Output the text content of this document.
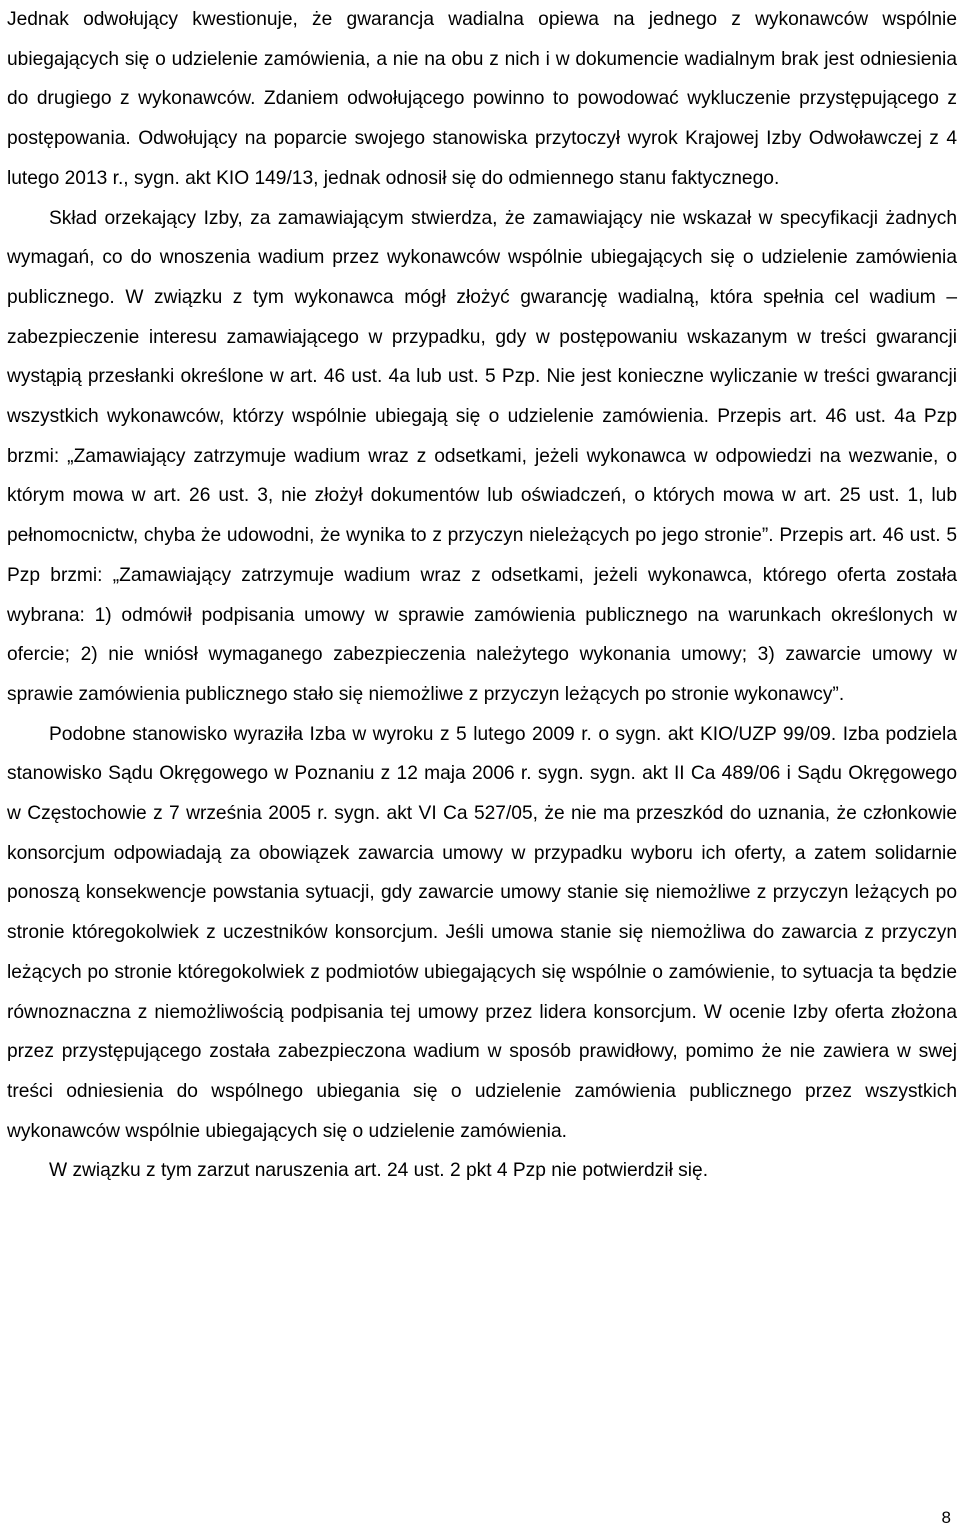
Jednak odwołujący kwestionuje, że gwarancja wadialna opiewa na jednego z wykonawców wspólnie ubiegających się o udzielenie zamówienia, a nie na obu z nich i w dokumencie wadialnym brak jest odniesienia do drugiego z wykonawców. Zdaniem odwołującego powinno to powodować wykluczenie przystępującego z postępowania. Odwołujący na poparcie swojego stanowiska przytoczył wyrok Krajowej Izby Odwoławczej z 4 lutego 2013 r., sygn. akt KIO 149/13, jednak odnosił się do odmiennego stanu faktycznego.

Skład orzekający Izby, za zamawiającym stwierdza, że zamawiający nie wskazał w specyfikacji żadnych wymagań, co do wnoszenia wadium przez wykonawców wspólnie ubiegających się o udzielenie zamówienia publicznego. W związku z tym wykonawca mógł złożyć gwarancję wadialną, która spełnia cel wadium – zabezpieczenie interesu zamawiającego w przypadku, gdy w postępowaniu wskazanym w treści gwarancji wystąpią przesłanki określone w art. 46 ust. 4a lub ust. 5 Pzp. Nie jest konieczne wyliczanie w treści gwarancji wszystkich wykonawców, którzy wspólnie ubiegają się o udzielenie zamówienia. Przepis art. 46 ust. 4a Pzp brzmi: „Zamawiający zatrzymuje wadium wraz z odsetkami, jeżeli wykonawca w odpowiedzi na wezwanie, o którym mowa w art. 26 ust. 3, nie złożył dokumentów lub oświadczeń, o których mowa w art. 25 ust. 1, lub pełnomocnictw, chyba że udowodni, że wynika to z przyczyn nieleżących po jego stronie”. Przepis art. 46 ust. 5 Pzp brzmi: „Zamawiający zatrzymuje wadium wraz z odsetkami, jeżeli wykonawca, którego oferta została wybrana: 1) odmówił podpisania umowy w sprawie zamówienia publicznego na warunkach określonych w ofercie; 2) nie wniósł wymaganego zabezpieczenia należytego wykonania umowy; 3) zawarcie umowy w sprawie zamówienia publicznego stało się niemożliwe z przyczyn leżących po stronie wykonawcy”.

Podobne stanowisko wyraziła Izba w wyroku z 5 lutego 2009 r. o sygn. akt KIO/UZP 99/09. Izba podziela stanowisko Sądu Okręgowego w Poznaniu z 12 maja 2006 r. sygn. sygn. akt II Ca 489/06 i Sądu Okręgowego w Częstochowie z 7 września 2005 r. sygn. akt VI Ca 527/05, że nie ma przeszkód do uznania, że członkowie konsorcjum odpowiadają za obowiązek zawarcia umowy w przypadku wyboru ich oferty, a zatem solidarnie ponoszą konsekwencje powstania sytuacji, gdy zawarcie umowy stanie się niemożliwe z przyczyn leżących po stronie któregokolwiek z uczestników konsorcjum. Jeśli umowa stanie się niemożliwa do zawarcia z przyczyn leżących po stronie któregokolwiek z podmiotów ubiegających się wspólnie o zamówienie, to sytuacja ta będzie równoznaczna z niemożliwością podpisania tej umowy przez lidera konsorcjum. W ocenie Izby oferta złożona przez przystępującego została zabezpieczona wadium w sposób prawidłowy, pomimo że nie zawiera w swej treści odniesienia do wspólnego ubiegania się o udzielenie zamówienia publicznego przez wszystkich wykonawców wspólnie ubiegających się o udzielenie zamówienia.

W związku z tym zarzut naruszenia art. 24 ust. 2 pkt 4 Pzp nie potwierdził się.

8
